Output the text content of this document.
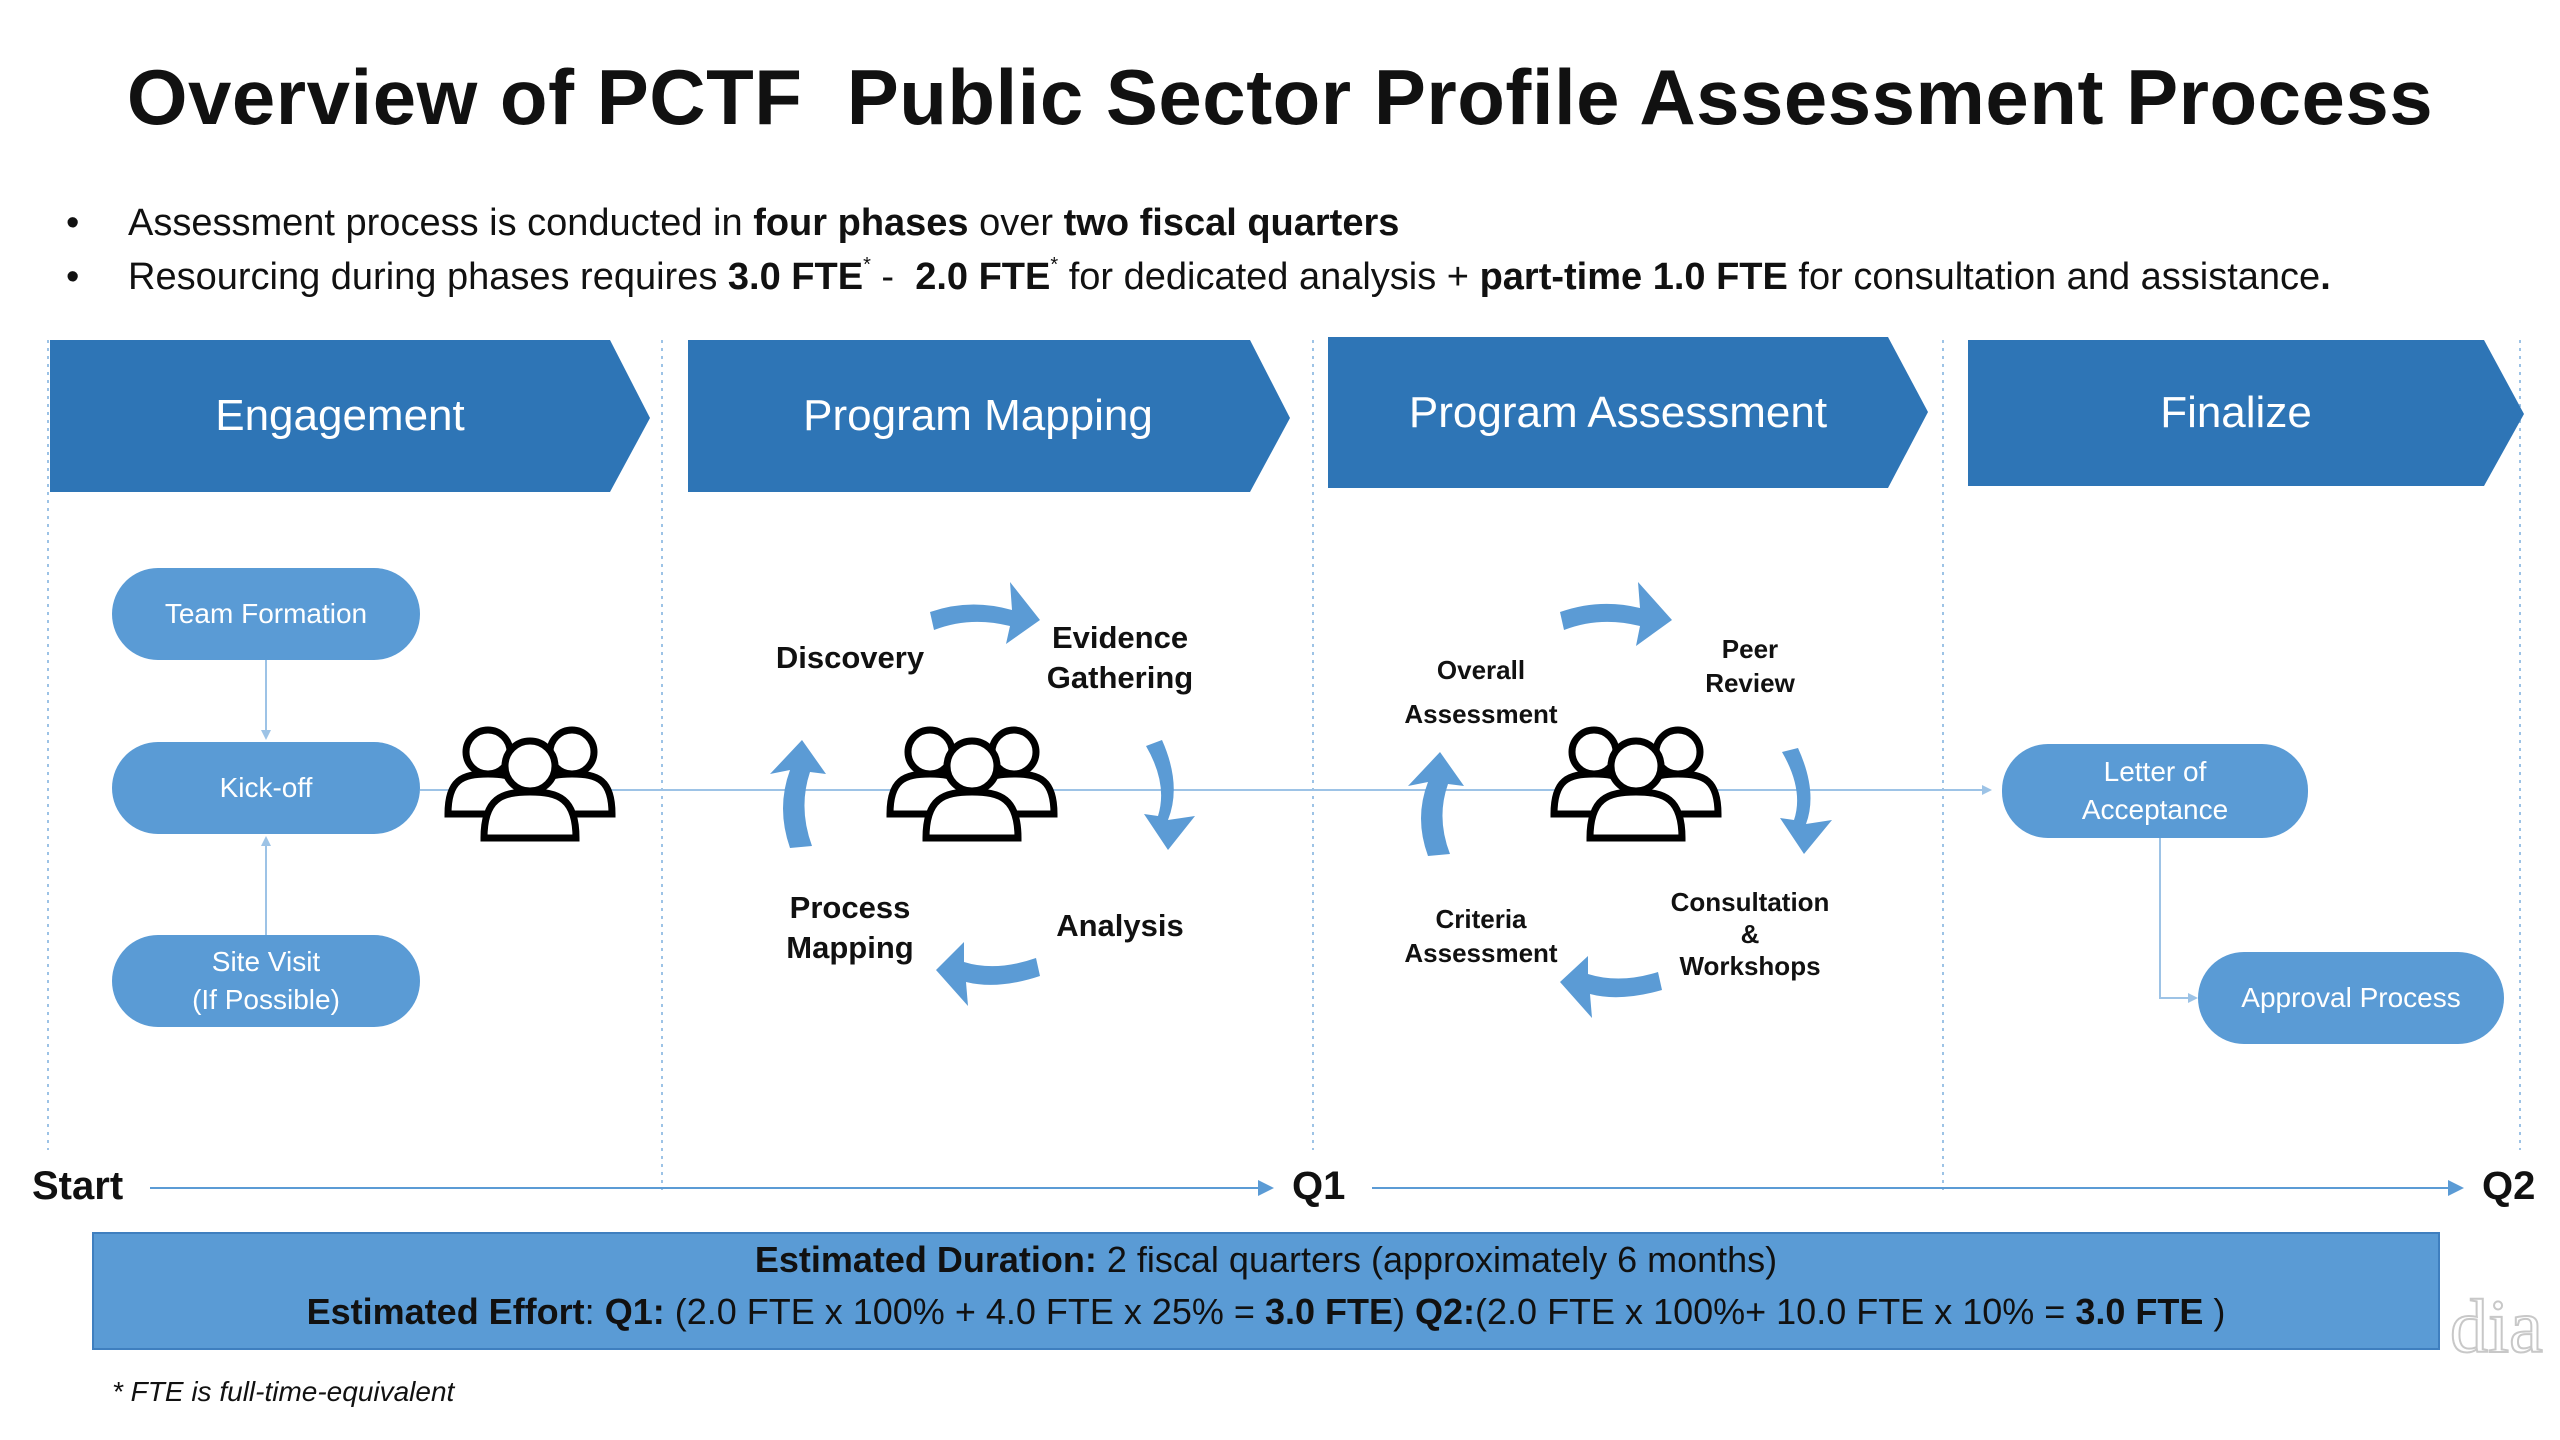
Overview of PCTF  Public Sector Profile Assessment Process
• Assessment process is conducted in four phases over two fiscal quarters
• Resourcing during phases requires 3.0 FTE* -  2.0 FTE* for dedicated analysis + part-time 1.0 FTE for consultation and assistance.
dia
Engagement	Program Mapping	Program Assessment	Finalize
Team Formation
Kick-off
Site Visit
(If Possible)
Discovery
Evidence
Gathering
Analysis
Process
Mapping
Overall
Assessment
Peer
Review
Consultation
&
Workshops
Criteria
Assessment
Letter of
Acceptance
Approval Process
Start	Q1	Q2
Estimated Duration: 2 fiscal quarters (approximately 6 months)
Estimated Effort: Q1: (2.0 FTE x 100% + 4.0 FTE x 25% = 3.0 FTE) Q2:(2.0 FTE x 100%+ 10.0 FTE x 10% = 3.0 FTE )
* FTE is full-time-equivalent
